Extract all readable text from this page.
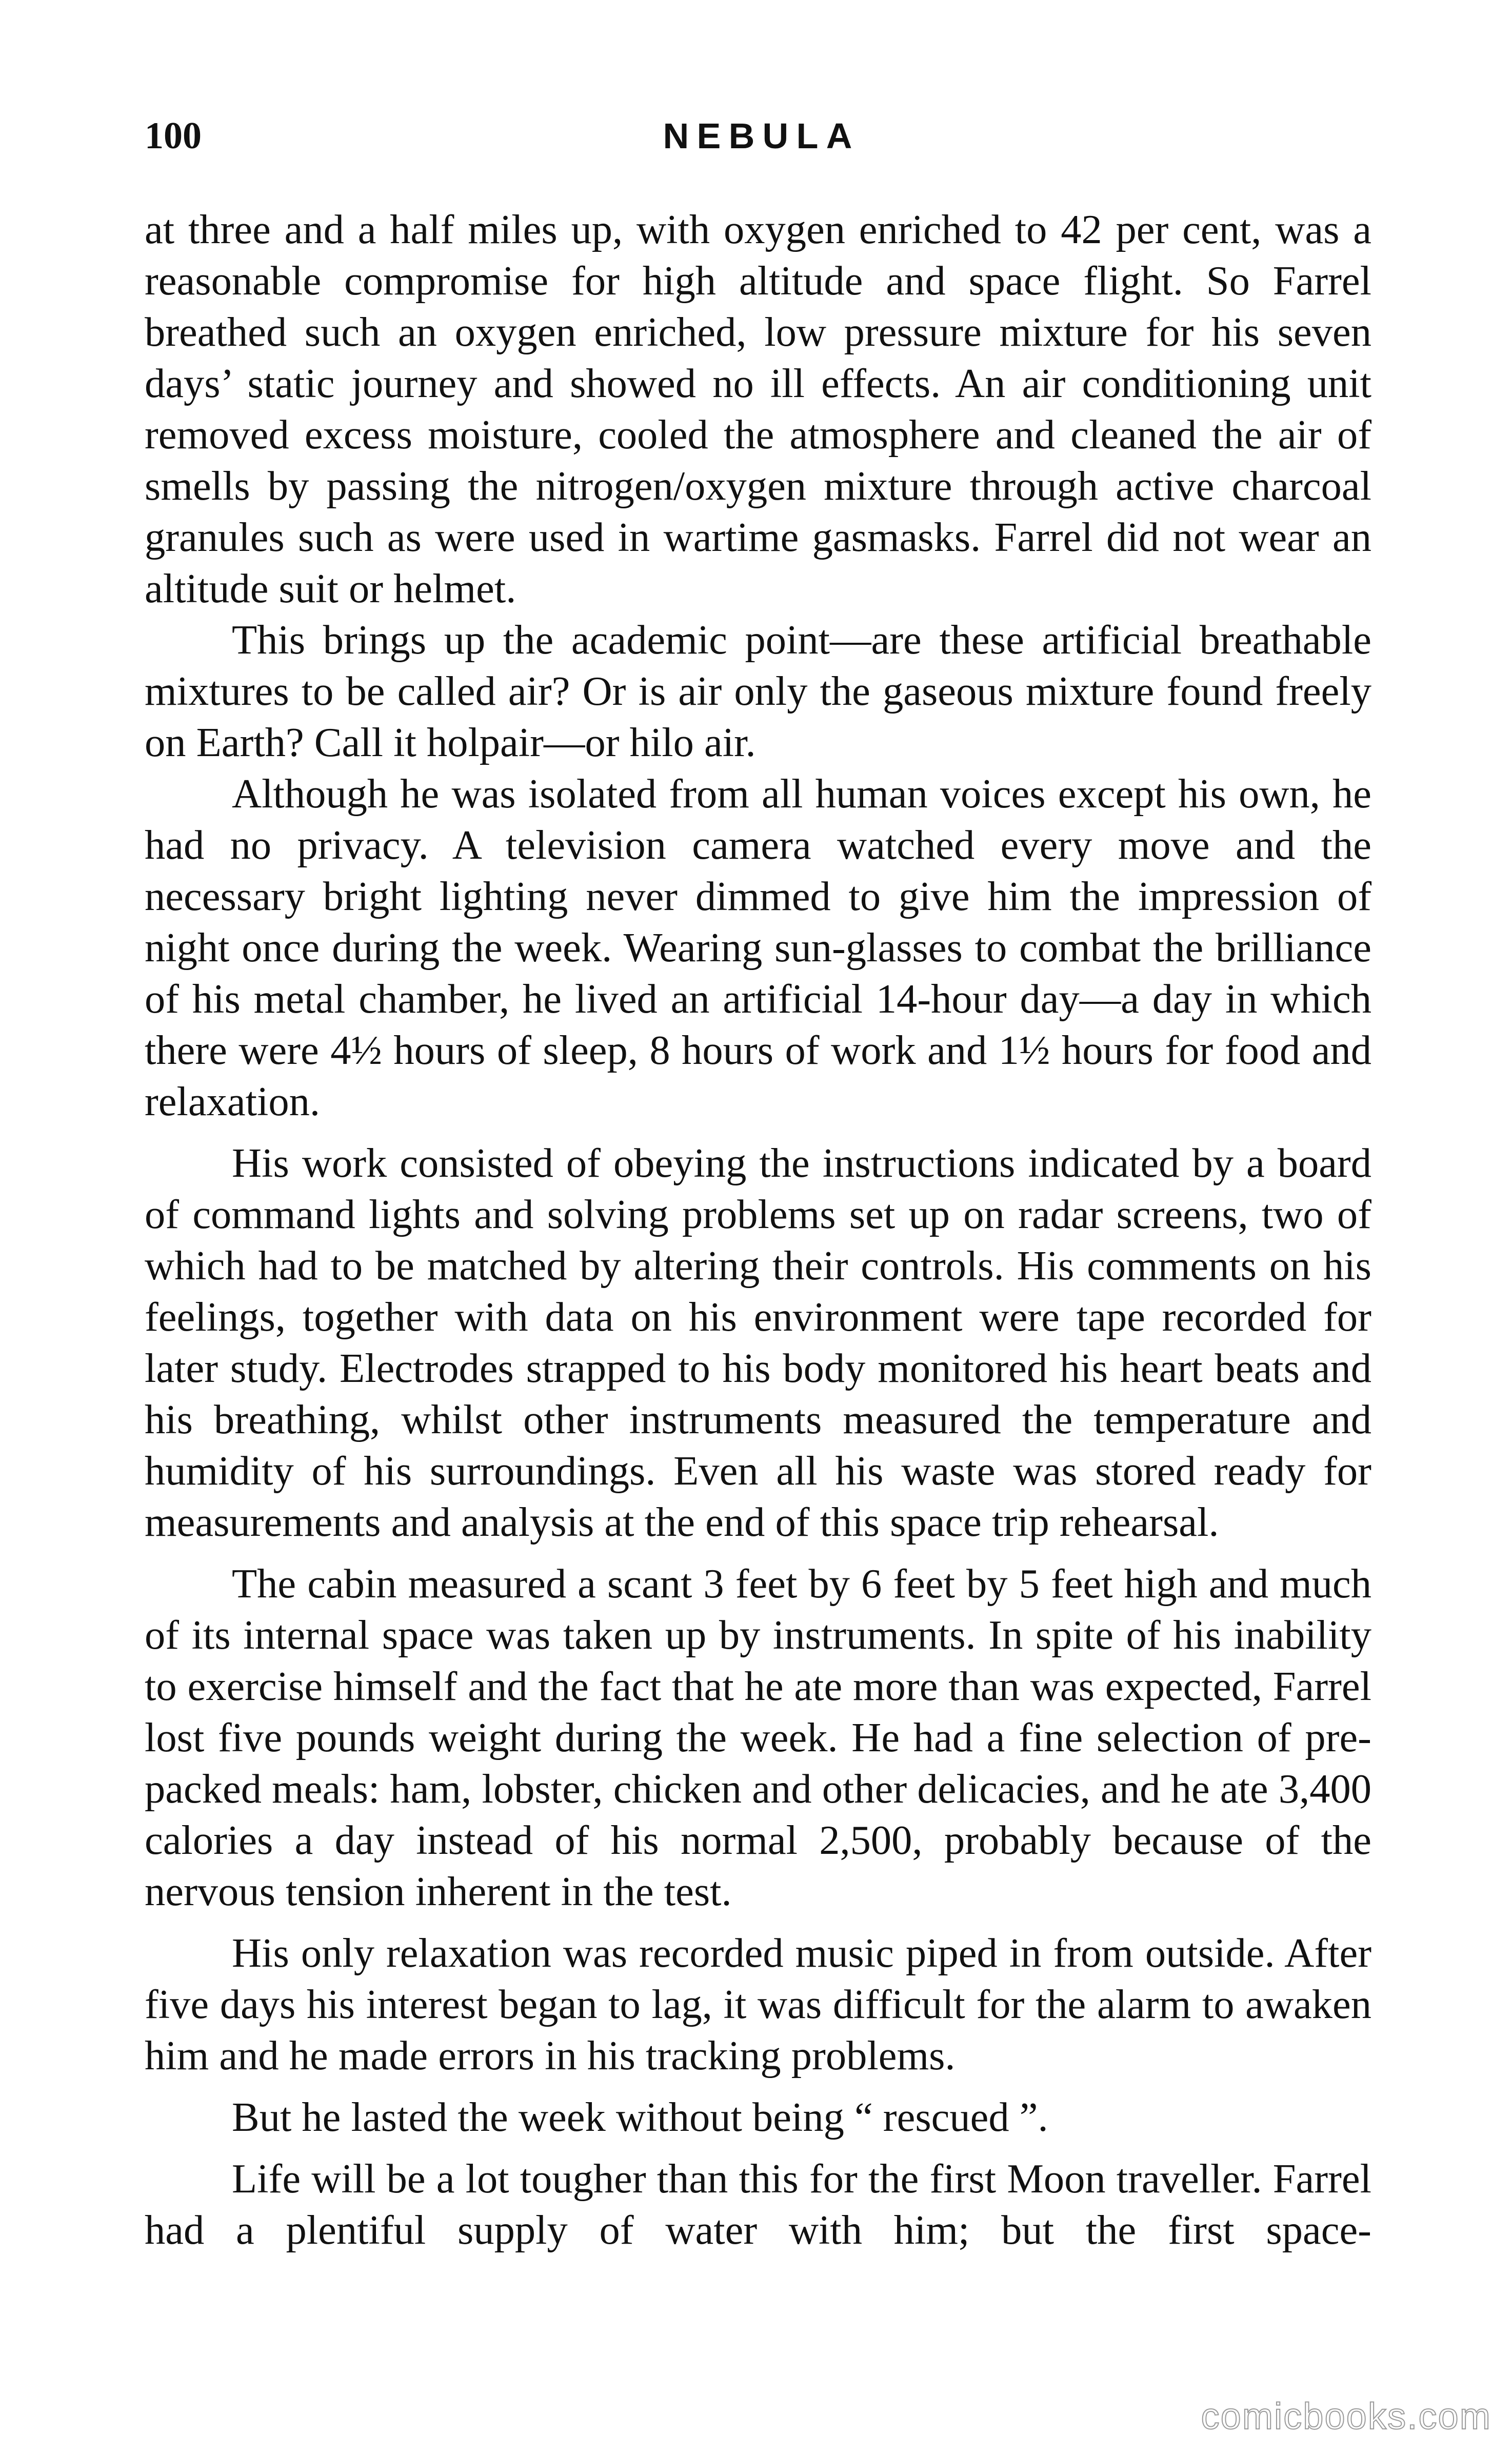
100	NEBULA

at three and a half miles up, with oxygen enriched to 42 per cent, was a reasonable compromise for high altitude and space flight. So Farrel breathed such an oxygen enriched, low pressure mixture for his seven days’ static journey and showed no ill effects. An air conditioning unit removed excess moisture, cooled the atmosphere and cleaned the air of smells by passing the nitrogen/oxygen mixture through active charcoal granules such as were used in wartime gasmasks. Farrel did not wear an altitude suit or helmet.

This brings up the academic point—are these artificial breathable mixtures to be called air? Or is air only the gaseous mixture found freely on Earth? Call it holpair—or hilo air.

Although he was isolated from all human voices except his own, he had no privacy. A television camera watched every move and the necessary bright lighting never dimmed to give him the impression of night once during the week. Wearing sun-glasses to combat the brilliance of his metal chamber, he lived an artificial 14-hour day—a day in which there were 4½ hours of sleep, 8 hours of work and 1½ hours for food and relaxation.

His work consisted of obeying the instructions indicated by a board of command lights and solving problems set up on radar screens, two of which had to be matched by altering their controls. His comments on his feelings, together with data on his environment were tape recorded for later study. Electrodes strapped to his body monitored his heart beats and his breathing, whilst other instruments measured the temperature and humidity of his surroundings. Even all his waste was stored ready for measurements and analysis at the end of this space trip rehearsal.

The cabin measured a scant 3 feet by 6 feet by 5 feet high and much of its internal space was taken up by instruments. In spite of his inability to exercise himself and the fact that he ate more than was expected, Farrel lost five pounds weight during the week. He had a fine selection of pre-packed meals: ham, lobster, chicken and other delicacies, and he ate 3,400 calories a day instead of his normal 2,500, probably because of the nervous tension inherent in the test.

His only relaxation was recorded music piped in from outside. After five days his interest began to lag, it was difficult for the alarm to awaken him and he made errors in his tracking problems.

But he lasted the week without being “ rescued ”.

Life will be a lot tougher than this for the first Moon traveller. Farrel had a plentiful supply of water with him; but the first space-

comicbooks.com
